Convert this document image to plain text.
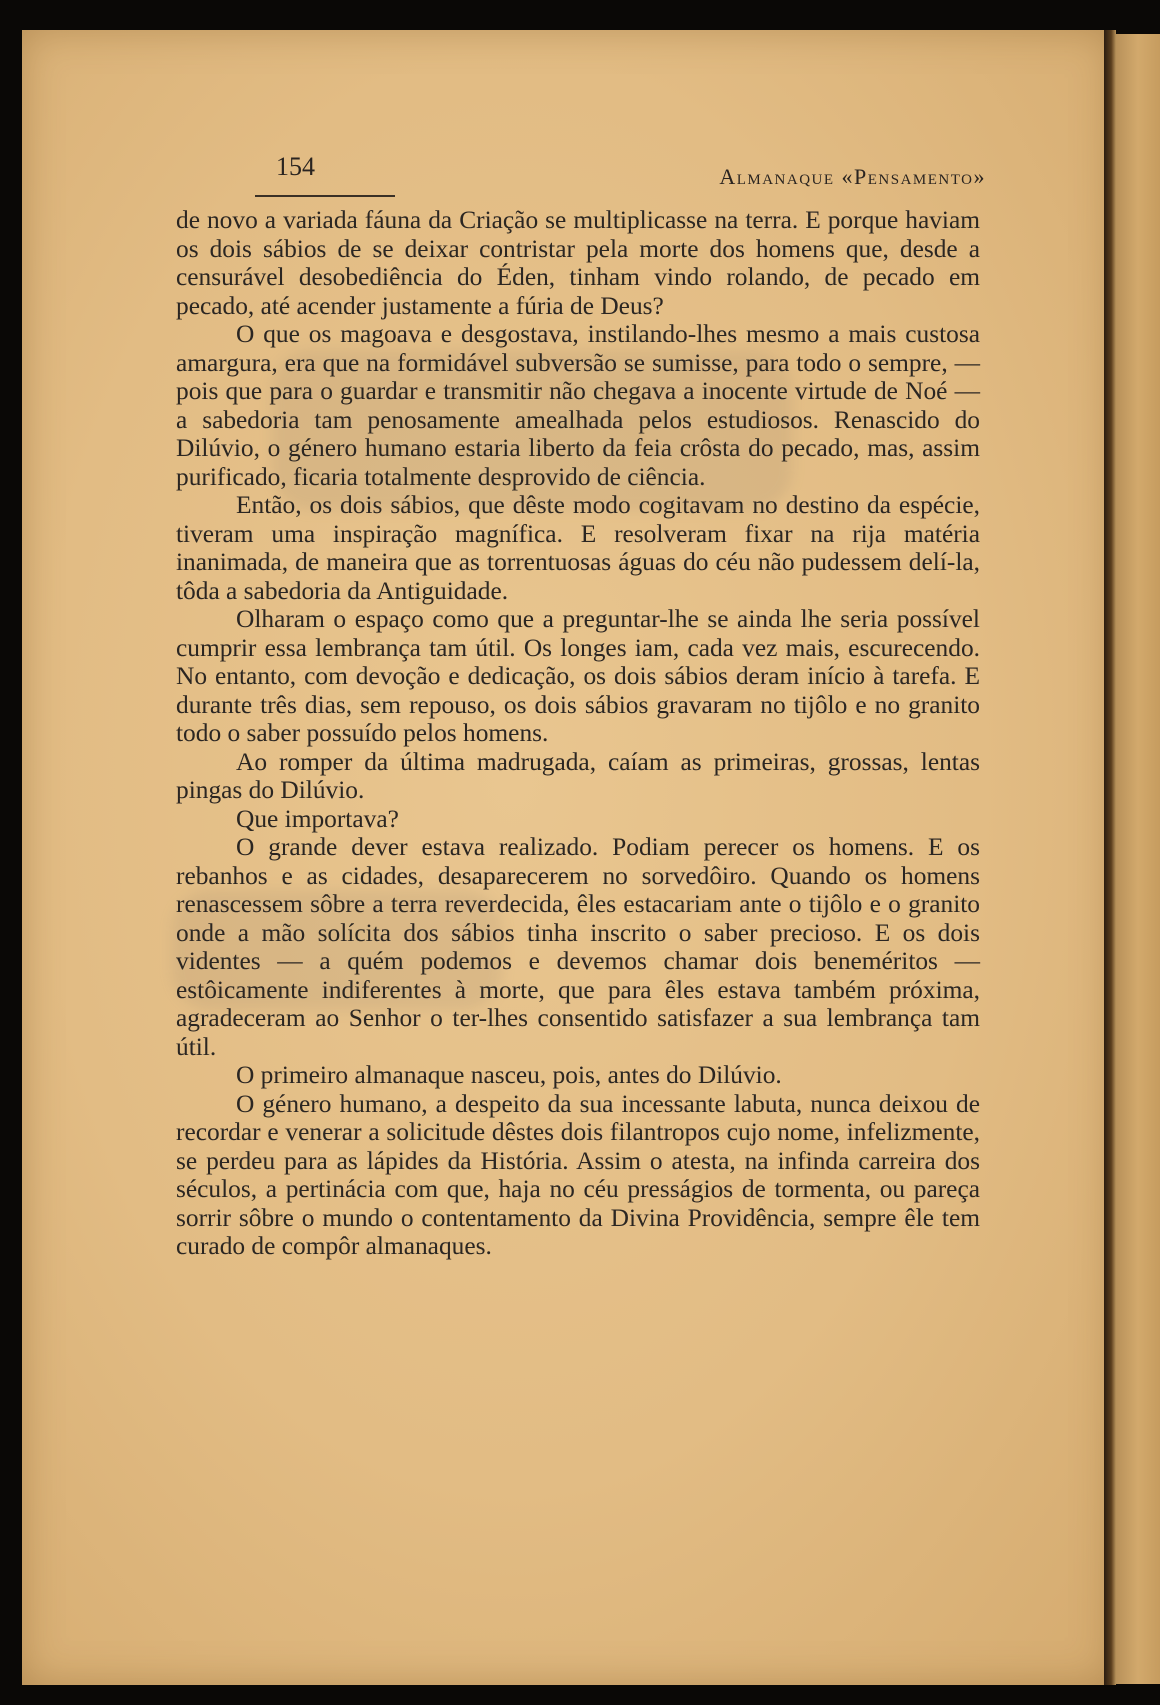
154	Almanaque «Pensamento»

de novo a variada fáuna da Criação se multiplicasse na terra. E porque haviam os dois sábios de se deixar contristar pela morte dos homens que, desde a censurável desobediência do Éden, tinham vindo rolando, de pecado em pecado, até acender justamente a fúria de Deus?

O que os magoava e desgostava, instilando-lhes mesmo a mais custosa amargura, era que na formidável subversão se sumisse, para todo o sempre, — pois que para o guardar e transmitir não chegava a inocente virtude de Noé — a sabedoria tam penosamente amealhada pelos estudiosos. Renascido do Dilúvio, o género humano estaria liberto da feia crôsta do pecado, mas, assim purificado, ficaria totalmente desprovido de ciência.

Então, os dois sábios, que dêste modo cogitavam no destino da espécie, tiveram uma inspiração magnífica. E resolveram fixar na rija matéria inanimada, de maneira que as torrentuosas águas do céu não pudessem delí-la, tôda a sabedoria da Antiguidade.

Olharam o espaço como que a preguntar-lhe se ainda lhe seria possível cumprir essa lembrança tam útil. Os longes iam, cada vez mais, escurecendo. No entanto, com devoção e dedicação, os dois sábios deram início à tarefa. E durante três dias, sem repouso, os dois sábios gravaram no tijôlo e no granito todo o saber possuído pelos homens.

Ao romper da última madrugada, caíam as primeiras, grossas, lentas pingas do Dilúvio.

Que importava?

O grande dever estava realizado. Podiam perecer os homens. E os rebanhos e as cidades, desaparecerem no sorvedôiro. Quando os homens renascessem sôbre a terra reverdecida, êles estacariam ante o tijôlo e o granito onde a mão solícita dos sábios tinha inscrito o saber precioso. E os dois videntes — a quém podemos e devemos chamar dois beneméritos — estôicamente indiferentes à morte, que para êles estava também próxima, agradeceram ao Senhor o ter-lhes consentido satisfazer a sua lembrança tam útil.

O primeiro almanaque nasceu, pois, antes do Dilúvio.

O género humano, a despeito da sua incessante labuta, nunca deixou de recordar e venerar a solicitude dêstes dois filantropos cujo nome, infelizmente, se perdeu para as lápides da História. Assim o atesta, na infinda carreira dos séculos, a pertinácia com que, haja no céu presságios de tormenta, ou pareça sorrir sôbre o mundo o contentamento da Divina Providência, sempre êle tem curado de compôr almanaques.
